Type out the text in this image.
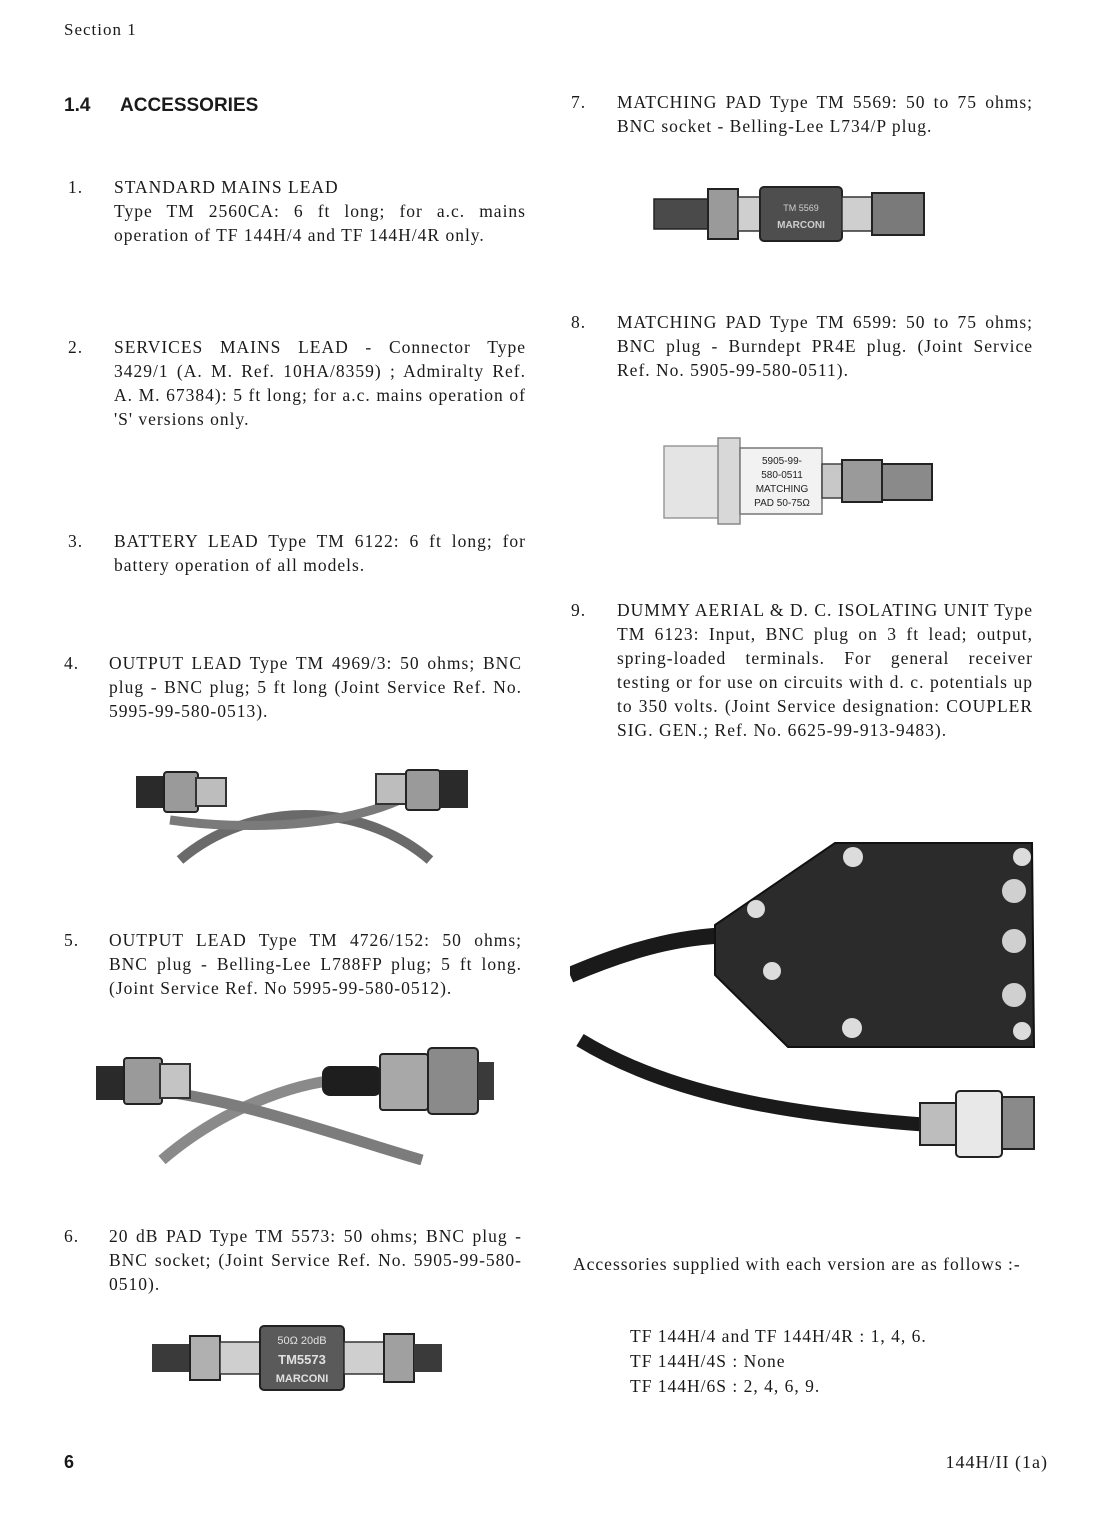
Section 1
1.4 ACCESSORIES
1. STANDARD MAINS LEAD
Type TM 2560CA: 6 ft long; for a.c. mains operation of TF 144H/4 and TF 144H/4R only.
2. SERVICES MAINS LEAD - Connector Type 3429/1 (A. M. Ref. 10HA/8359) ; Admiralty Ref. A. M. 67384): 5 ft long; for a.c. mains operation of 'S' versions only.
3. BATTERY LEAD Type TM 6122: 6 ft long; for battery operation of all models.
4. OUTPUT LEAD Type TM 4969/3: 50 ohms; BNC plug - BNC plug; 5 ft long (Joint Service Ref. No. 5995-99-580-0513).
5. OUTPUT LEAD Type TM 4726/152: 50 ohms; BNC plug - Belling-Lee L788FP plug; 5 ft long. (Joint Service Ref. No 5995-99-580-0512).
6. 20 dB PAD Type TM 5573: 50 ohms; BNC plug - BNC socket; (Joint Service Ref. No. 5905-99-580-0510).
50Ω 20dB
TM5573
MARCONI
7. MATCHING PAD Type TM 5569: 50 to 75 ohms; BNC socket - Belling-Lee L734/P plug.
TM 5569
MARCONI
8. MATCHING PAD Type TM 6599: 50 to 75 ohms; BNC plug - Burndept PR4E plug. (Joint Service Ref. No. 5905-99-580-0511).
5905-99-
580-0511
MATCHING
PAD 50-75Ω
9. DUMMY AERIAL & D. C. ISOLATING UNIT Type TM 6123: Input, BNC plug on 3 ft lead; output, spring-loaded terminals. For general receiver testing or for use on circuits with d. c. potentials up to 350 volts. (Joint Service designation: COUPLER SIG. GEN.; Ref. No. 6625-99-913-9483).
Accessories supplied with each version are as follows :-
TF 144H/4 and TF 144H/4R : 1, 4, 6.
TF 144H/4S : None
TF 144H/6S : 2, 4, 6, 9.
6	144H/II (1a)
